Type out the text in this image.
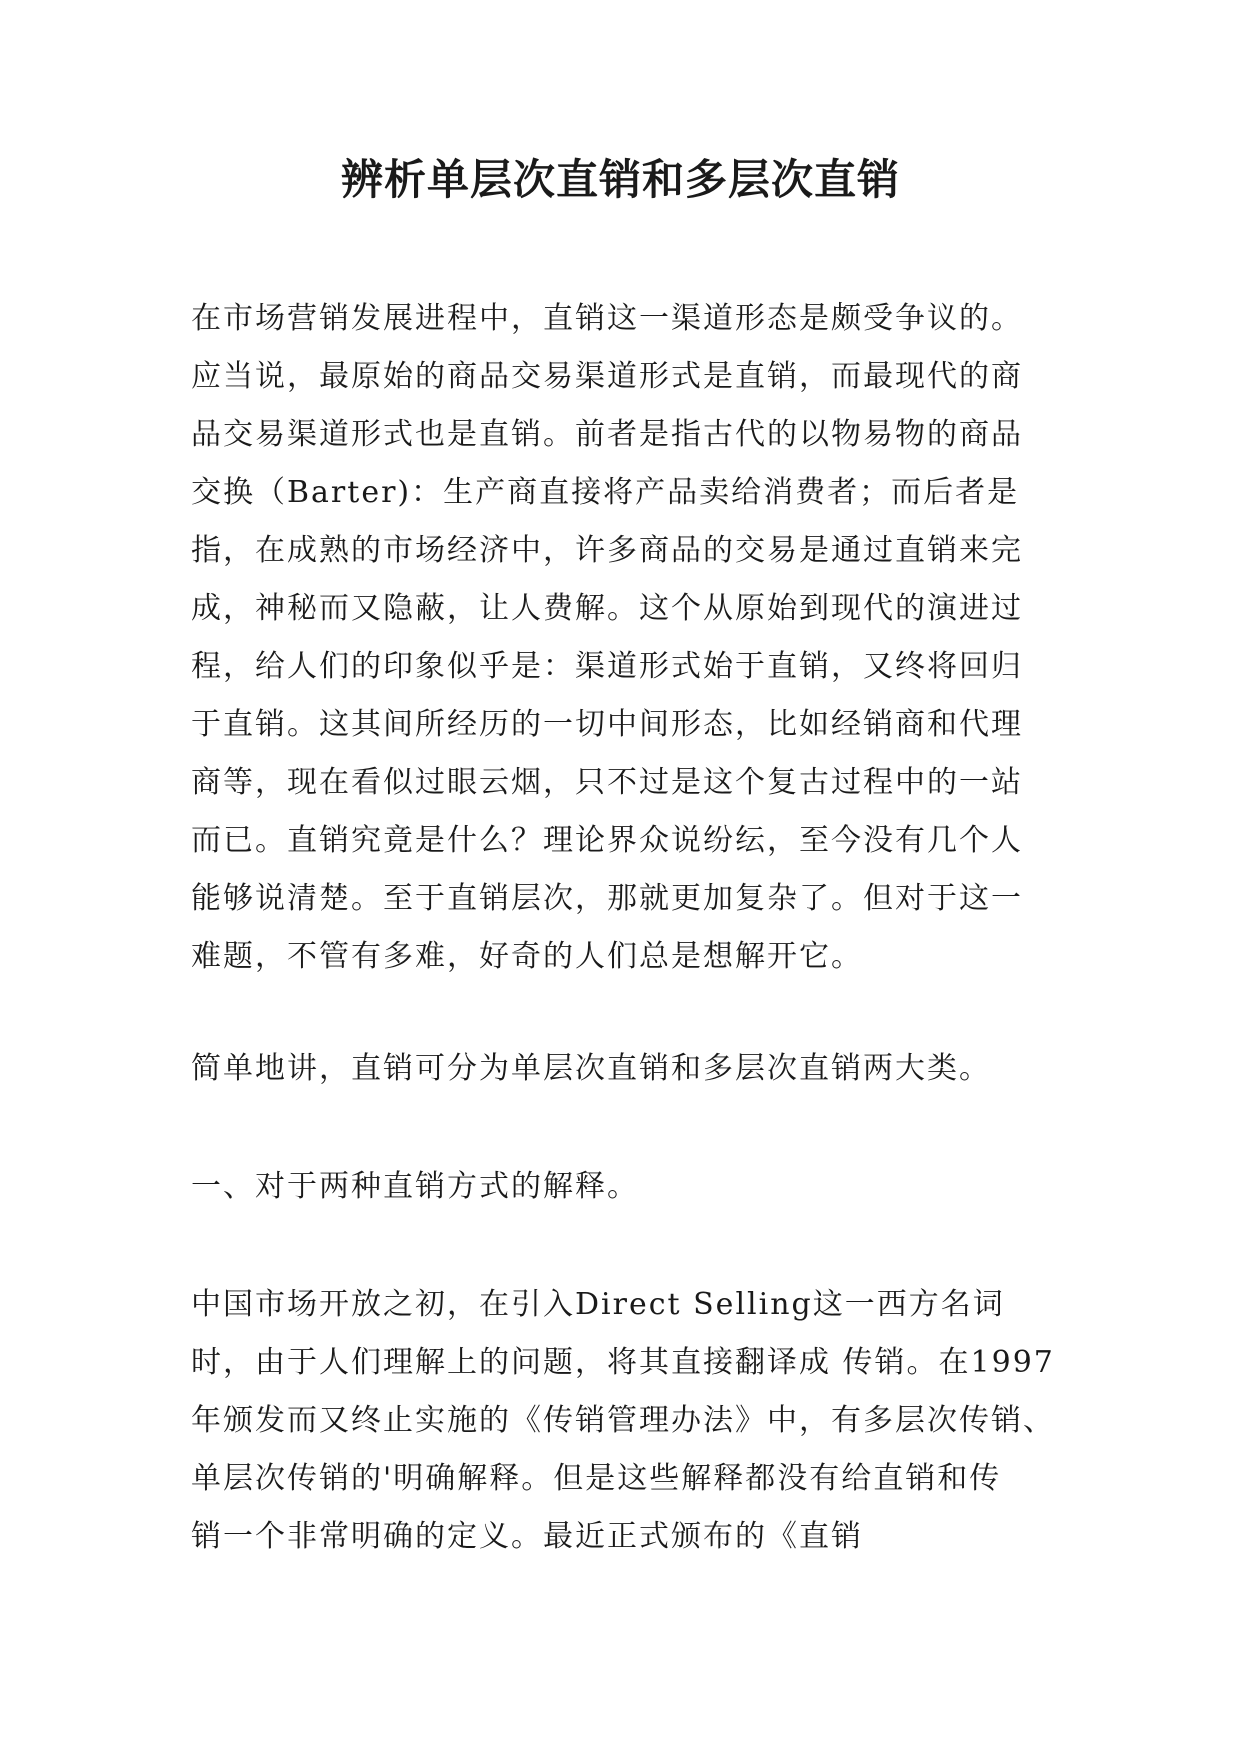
辨析单层次直销和多层次直销

在市场营销发展进程中，直销这一渠道形态是颇受争议的。
应当说，最原始的商品交易渠道形式是直销，而最现代的商
品交易渠道形式也是直销。前者是指古代的以物易物的商品
交换（Barter)：生产商直接将产品卖给消费者；而后者是
指，在成熟的市场经济中，许多商品的交易是通过直销来完
成，神秘而又隐蔽，让人费解。这个从原始到现代的演进过
程，给人们的印象似乎是：渠道形式始于直销，又终将回归
于直销。这其间所经历的一切中间形态，比如经销商和代理
商等，现在看似过眼云烟，只不过是这个复古过程中的一站
而已。直销究竟是什么？理论界众说纷纭，至今没有几个人
能够说清楚。至于直销层次，那就更加复杂了。但对于这一
难题，不管有多难，好奇的人们总是想解开它。

简单地讲，直销可分为单层次直销和多层次直销两大类。

一、对于两种直销方式的解释。

中国市场开放之初，在引入Direct Selling这一西方名词
时，由于人们理解上的问题，将其直接翻译成 传销。在1997
年颁发而又终止实施的《传销管理办法》中，有多层次传销、
单层次传销的'明确解释。但是这些解释都没有给直销和传
销一个非常明确的定义。最近正式颁布的《直销
